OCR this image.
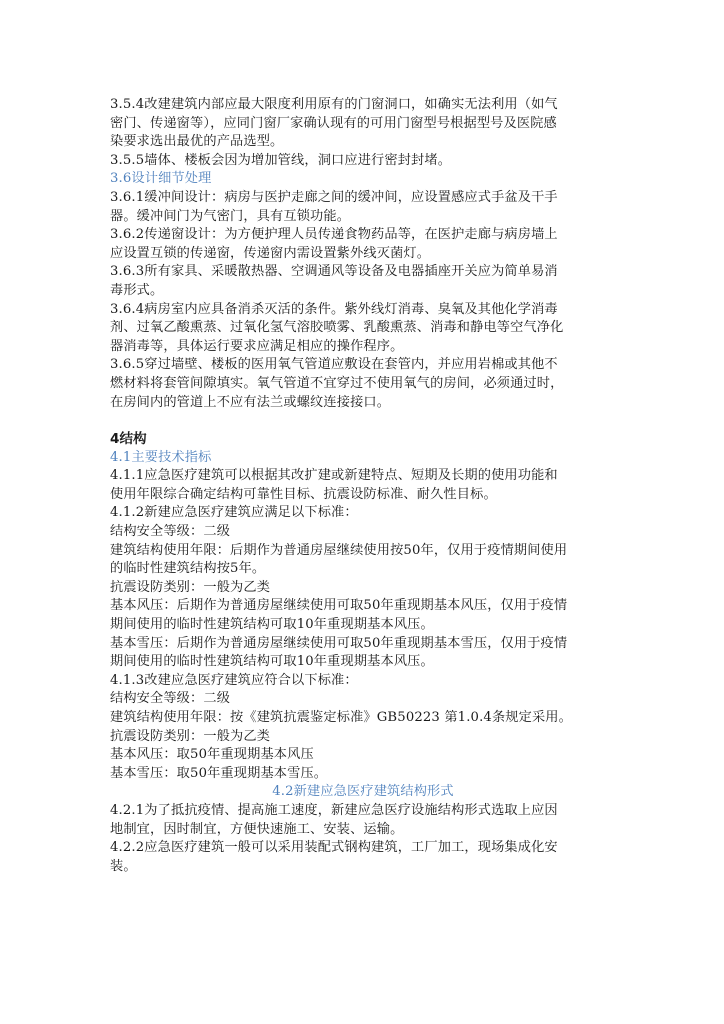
3.5.4改建建筑内部应最大限度利用原有的门窗洞口，如确实无法利用（如气
密门、传递窗等），应同门窗厂家确认现有的可用门窗型号根据型号及医院感
染要求选出最优的产品选型。
3.5.5墙体、楼板会因为增加管线，洞口应进行密封封堵。
3.6设计细节处理
3.6.1缓冲间设计：病房与医护走廊之间的缓冲间，应设置感应式手盆及干手
器。缓冲间门为气密门，具有互锁功能。
3.6.2传递窗设计：为方便护理人员传递食物药品等，在医护走廊与病房墙上
应设置互锁的传递窗，传递窗内需设置紫外线灭菌灯。
3.6.3所有家具、采暖散热器、空调通风等设备及电器插座开关应为简单易消
毒形式。
3.6.4病房室内应具备消杀灭活的条件。紫外线灯消毒、臭氧及其他化学消毒
剂、过氧乙酸熏蒸、过氧化氢气溶胶喷雾、乳酸熏蒸、消毒和静电等空气净化
器消毒等，具体运行要求应满足相应的操作程序。
3.6.5穿过墙壁、楼板的医用氧气管道应敷设在套管内，并应用岩棉或其他不
燃材料将套管间隙填实。氧气管道不宜穿过不使用氧气的房间，必须通过时，
在房间内的管道上不应有法兰或螺纹连接接口。
4结构
4.1主要技术指标
4.1.1应急医疗建筑可以根据其改扩建或新建特点、短期及长期的使用功能和
使用年限综合确定结构可靠性目标、抗震设防标准、耐久性目标。
4.1.2新建应急医疗建筑应满足以下标准：
结构安全等级：二级
建筑结构使用年限：后期作为普通房屋继续使用按50年，仅用于疫情期间使用
的临时性建筑结构按5年。
抗震设防类别：一般为乙类
基本风压：后期作为普通房屋继续使用可取50年重现期基本风压，仅用于疫情
期间使用的临时性建筑结构可取10年重现期基本风压。
基本雪压：后期作为普通房屋继续使用可取50年重现期基本雪压，仅用于疫情
期间使用的临时性建筑结构可取10年重现期基本风压。
4.1.3改建应急医疗建筑应符合以下标准：
结构安全等级：二级
建筑结构使用年限：按《建筑抗震鉴定标准》GB50223 第1.0.4条规定采用。
抗震设防类别：一般为乙类
基本风压：取50年重现期基本风压
基本雪压：取50年重现期基本雪压。
4.2新建应急医疗建筑结构形式
4.2.1为了抵抗疫情、提高施工速度，新建应急医疗设施结构形式选取上应因
地制宜，因时制宜，方便快速施工、安装、运输。
4.2.2应急医疗建筑一般可以采用装配式钢构建筑，工厂加工，现场集成化安
装。
